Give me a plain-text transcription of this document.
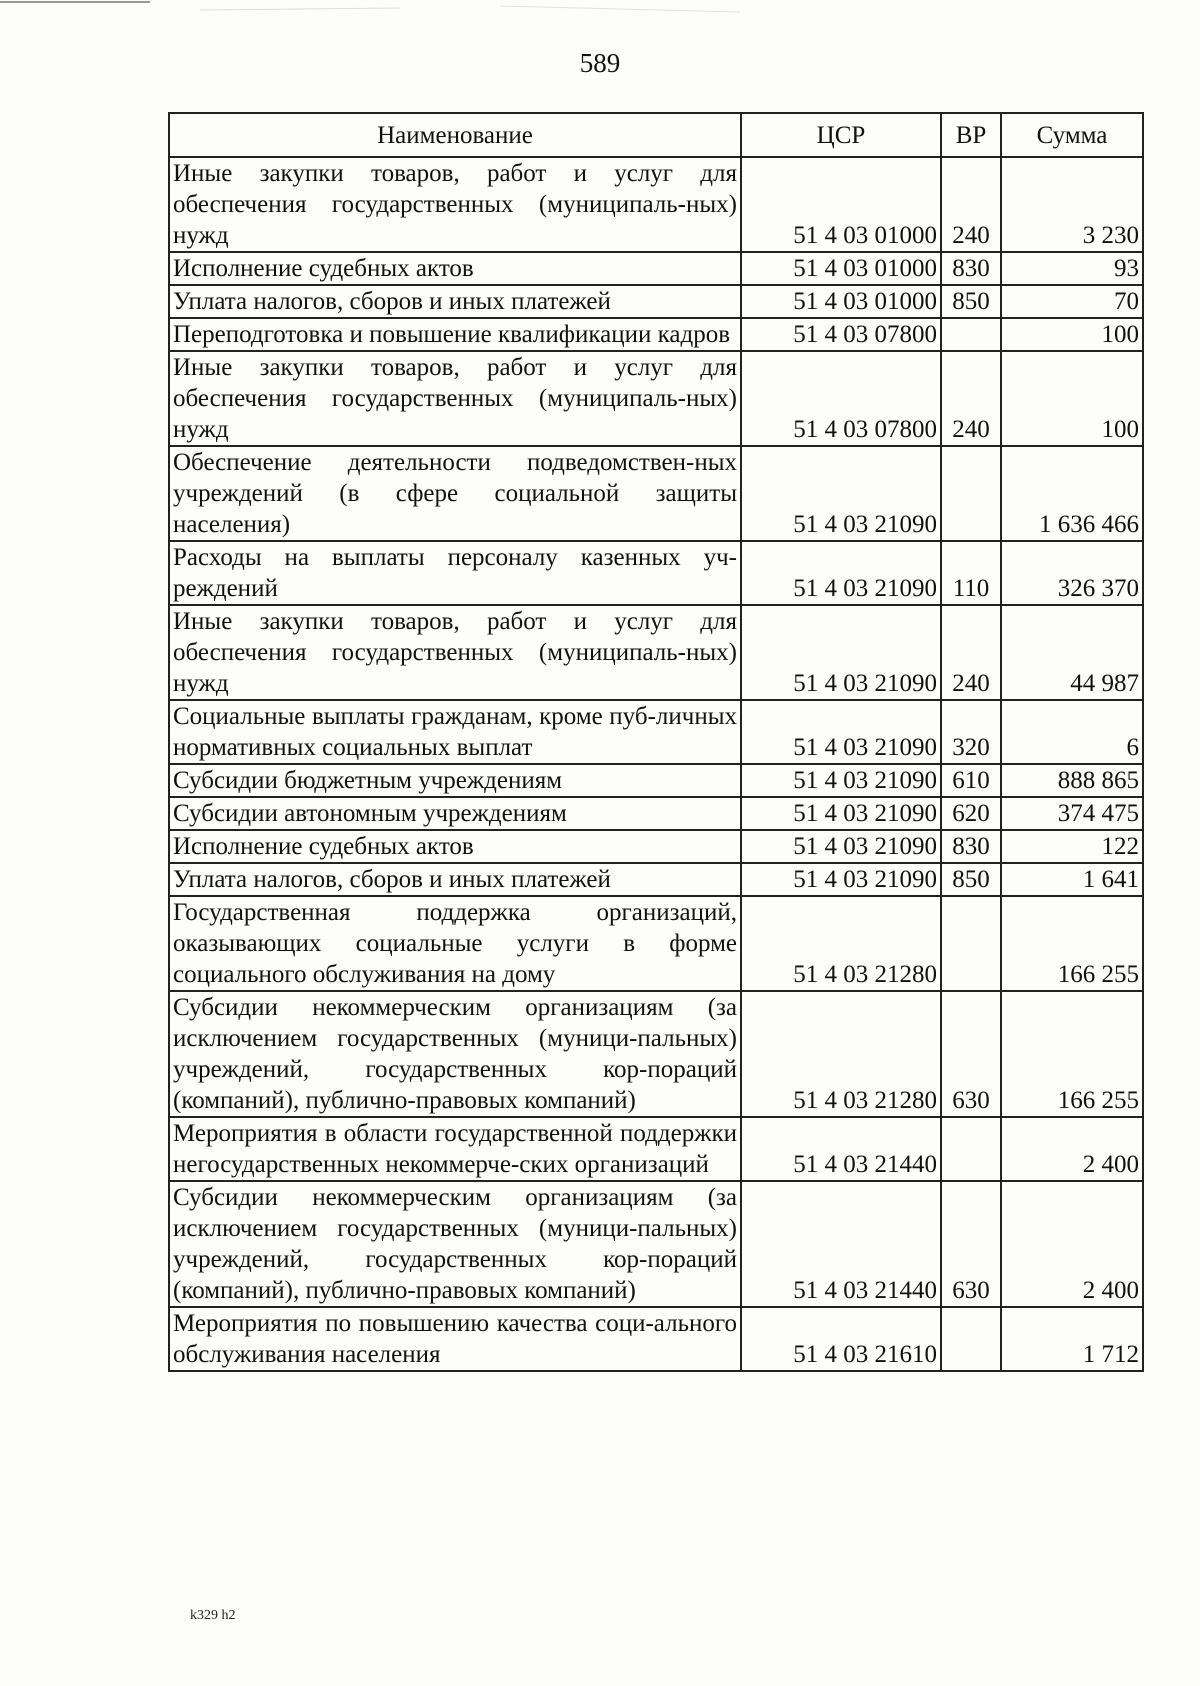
589
Наименование	ЦСР	ВР	Сумма
Иные закупки товаров, работ и услуг для обеспечения государственных (муниципаль-ных) нужд	51 4 03 01000	240	3 230
Исполнение судебных актов	51 4 03 01000	830	93
Уплата налогов, сборов и иных платежей	51 4 03 01000	850	70
Переподготовка и повышение квалификации кадров	51 4 03 07800		100
Иные закупки товаров, работ и услуг для обеспечения государственных (муниципаль-ных) нужд	51 4 03 07800	240	100
Обеспечение деятельности подведомствен-ных учреждений (в сфере социальной защиты населения)	51 4 03 21090		1 636 466
Расходы на выплаты персоналу казенных уч-реждений	51 4 03 21090	110	326 370
Иные закупки товаров, работ и услуг для обеспечения государственных (муниципаль-ных) нужд	51 4 03 21090	240	44 987
Социальные выплаты гражданам, кроме пуб-личных нормативных социальных выплат	51 4 03 21090	320	6
Субсидии бюджетным учреждениям	51 4 03 21090	610	888 865
Субсидии автономным учреждениям	51 4 03 21090	620	374 475
Исполнение судебных актов	51 4 03 21090	830	122
Уплата налогов, сборов и иных платежей	51 4 03 21090	850	1 641
Государственная поддержка организаций, оказывающих социальные услуги в форме социального обслуживания на дому	51 4 03 21280		166 255
Субсидии некоммерческим организациям (за исключением государственных (муници-пальных) учреждений, государственных кор-пораций (компаний), публично-правовых компаний)	51 4 03 21280	630	166 255
Мероприятия в области государственной поддержки негосударственных некоммерче-ских организаций	51 4 03 21440		2 400
Субсидии некоммерческим организациям (за исключением государственных (муници-пальных) учреждений, государственных кор-пораций (компаний), публично-правовых компаний)	51 4 03 21440	630	2 400
Мероприятия по повышению качества соци-ального обслуживания населения	51 4 03 21610		1 712
k329 h2
